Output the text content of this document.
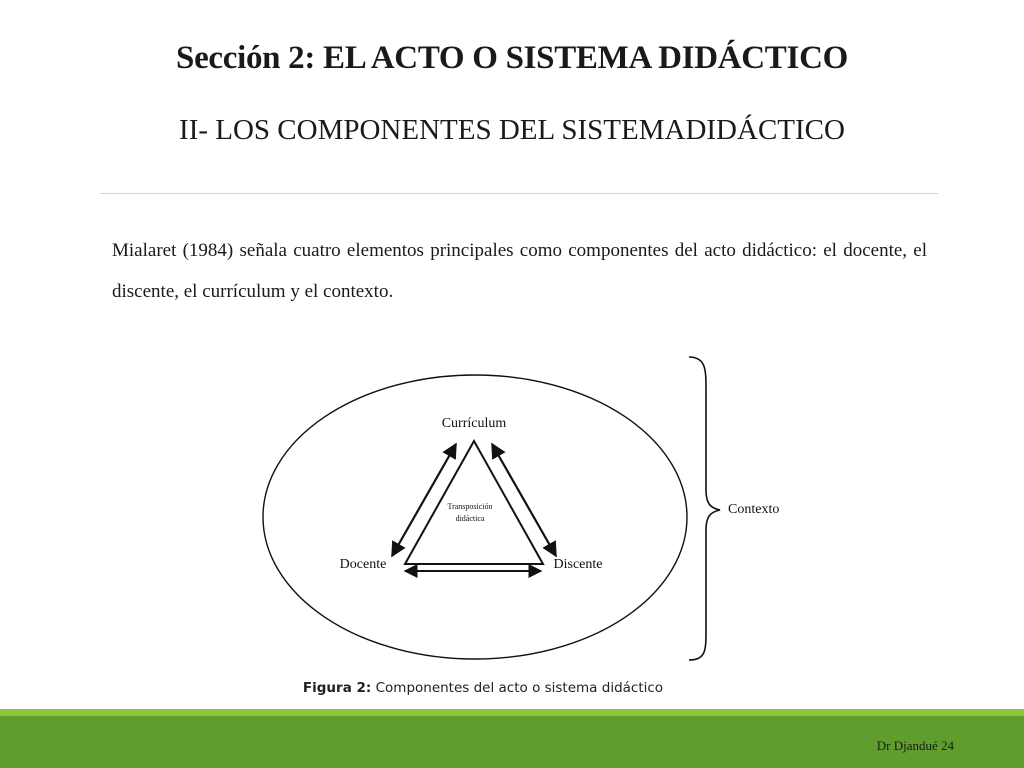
Sección 2: EL ACTO O SISTEMA DIDÁCTICO
II- LOS COMPONENTES DEL SISTEMADIDÁCTICO
Mialaret (1984) señala cuatro elementos principales como componentes del acto didáctico: el docente, el discente, el currículum y el contexto.
Currículum
Docente	Discente
Transposición
didáctica
Contexto
Figura 2: Componentes del acto o sistema didáctico
Dr Djandué 24
